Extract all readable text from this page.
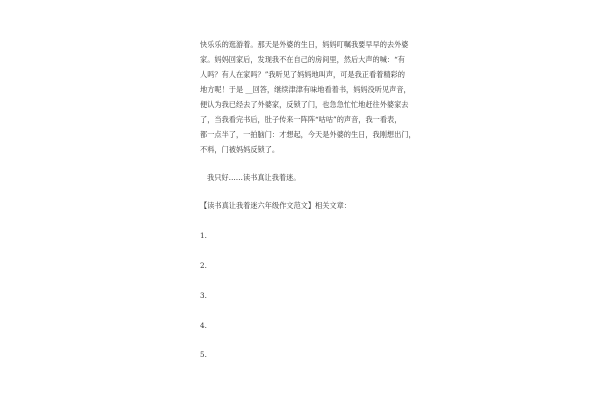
快乐乐的逛游着。那天是外婆的生日，妈妈叮嘱我要早早的去外婆
家。妈妈回家后，发现我不在自己的房间里，然后大声的喊：“有
人吗？有人在家吗？”我听见了妈妈地叫声，可是我正看着精彩的
地方呢！于是 __回答，继续津津有味地看着书，妈妈没听见声音，
便认为我已经去了外婆家，反锁了门，也急急忙忙地赶往外婆家去
了，当我看完书后，肚子传来一阵阵“咕咕”的声音，我一看表，
都一点半了，一拍脑门：才想起，今天是外婆的生日，我刚想出门，
不料，门被妈妈反锁了。
我只好……读书真让我着迷。
【读书真让我着迷六年级作文范文】相关文章：
1.
2.
3.
4.
5.
